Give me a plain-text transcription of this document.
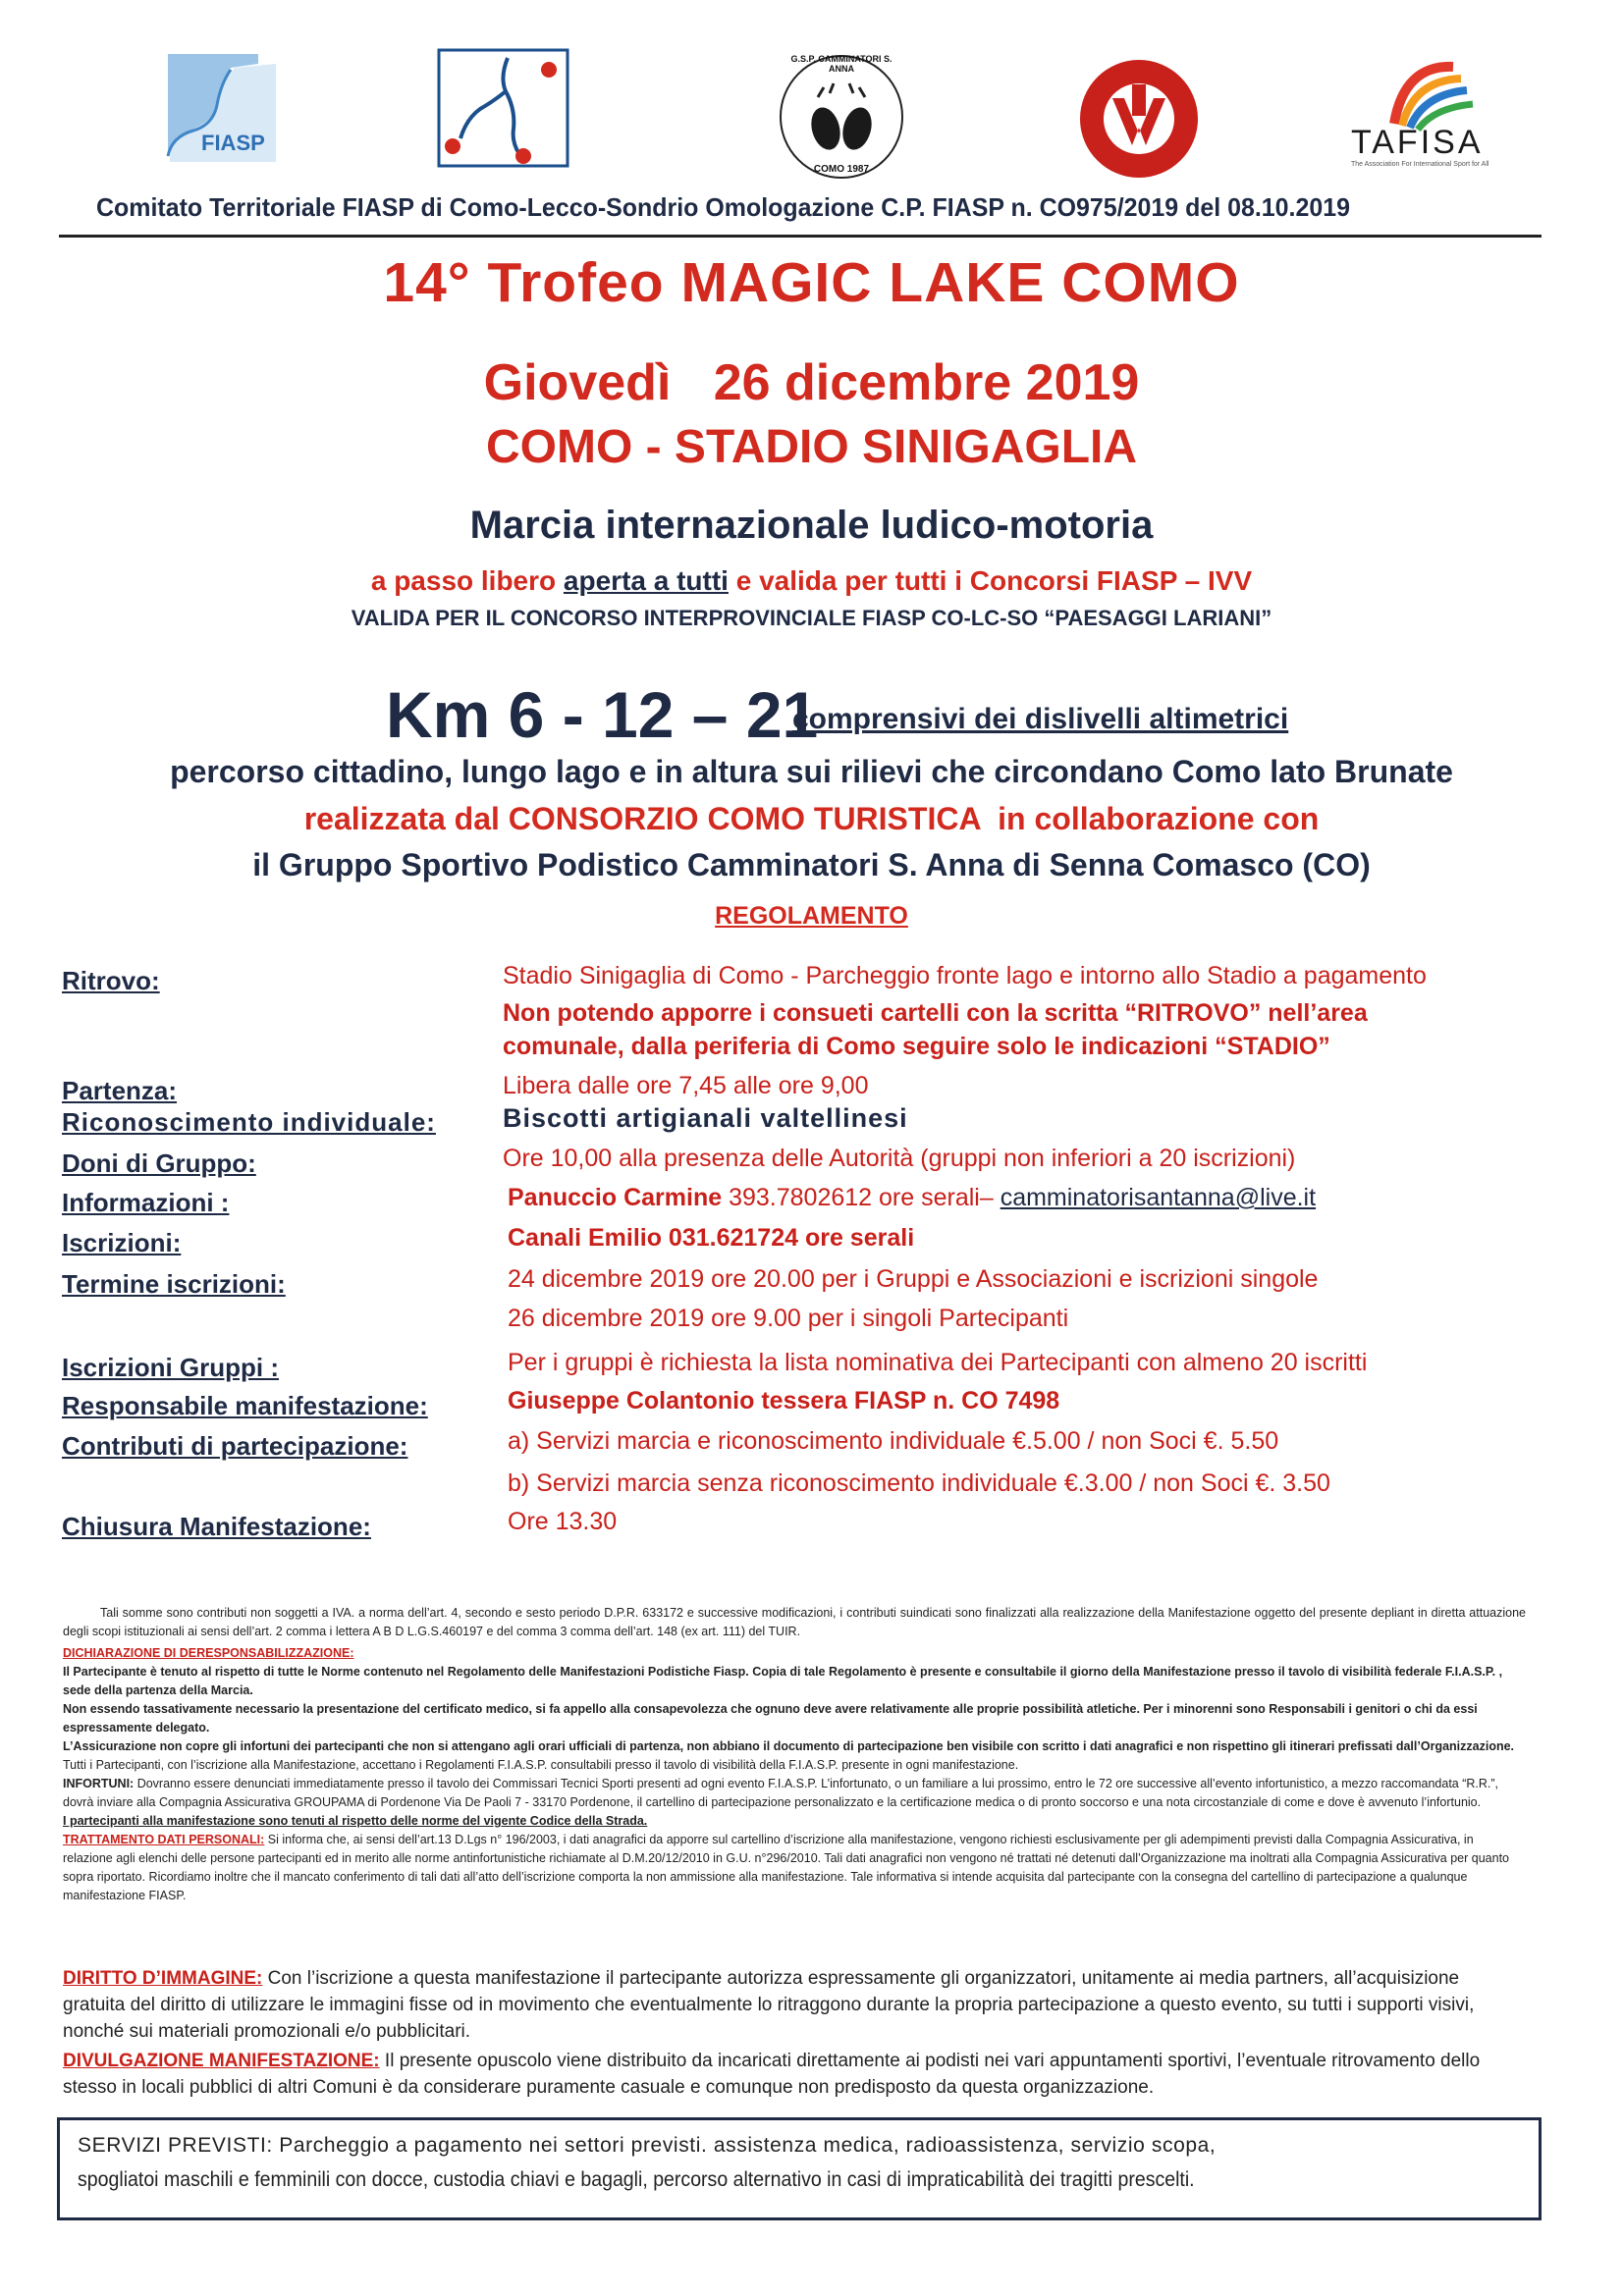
FIASP
G.S.P. CAMMINATORI S. ANNA
COMO 1987
TAFISA
The Association For International Sport for All
Comitato Territoriale FIASP di Como-Lecco-Sondrio Omologazione C.P. FIASP n. CO975/2019 del 08.10.2019
14° Trofeo MAGIC LAKE COMO
Giovedì   26 dicembre 2019
COMO - STADIO SINIGAGLIA
Marcia internazionale ludico-motoria
a passo libero aperta a tutti e valida per tutti i Concorsi FIASP – IVV
VALIDA PER IL CONCORSO INTERPROVINCIALE FIASP CO-LC-SO “PAESAGGI LARIANI”
Km 6 - 12 – 21
comprensivi dei dislivelli altimetrici
percorso cittadino, lungo lago e in altura sui rilievi che circondano Como lato Brunate
realizzata dal CONSORZIO COMO TURISTICA  in collaborazione con
il Gruppo Sportivo Podistico Camminatori S. Anna di Senna Comasco (CO)
REGOLAMENTO
Ritrovo:	Stadio Sinigaglia di Como - Parcheggio fronte lago e intorno allo Stadio a pagamento
Non potendo apporre i consueti cartelli con la scritta “RITROVO” nell’area
comunale, dalla periferia di Como seguire solo le indicazioni “STADIO”
Partenza:	Libera dalle ore 7,45 alle ore 9,00
Riconoscimento individuale:	Biscotti artigianali valtellinesi
Doni di Gruppo:	Ore 10,00 alla presenza delle Autorità (gruppi non inferiori a 20 iscrizioni)
Informazioni :	Panuccio Carmine 393.7802612 ore serali– camminatorisantanna@live.it
Iscrizioni:	Canali Emilio 031.621724 ore serali
Termine iscrizioni:	24 dicembre 2019 ore 20.00 per i Gruppi e Associazioni e iscrizioni singole
26 dicembre 2019 ore 9.00 per i singoli Partecipanti
Iscrizioni Gruppi :	Per i gruppi è richiesta la lista nominativa dei Partecipanti con almeno 20 iscritti
Responsabile manifestazione:	Giuseppe Colantonio tessera FIASP n. CO 7498
Contributi di partecipazione:	a) Servizi marcia e riconoscimento individuale €.5.00 / non Soci €. 5.50
b) Servizi marcia senza riconoscimento individuale €.3.00 / non Soci €. 3.50
Chiusura Manifestazione:	Ore 13.30
Tali somme sono contributi non soggetti a IVA. a norma dell’art. 4, secondo e sesto periodo D.P.R. 633172 e successive modificazioni, i contributi suindicati sono finalizzati alla realizzazione della Manifestazione oggetto del presente depliant in diretta attuazione degli scopi istituzionali ai sensi dell’art. 2 comma i lettera A B D L.G.S.460197 e del comma 3 comma dell’art. 148 (ex art. 111) del TUIR.
DICHIARAZIONE DI DERESPONSABILIZZAZIONE:
Il Partecipante è tenuto al rispetto di tutte le Norme contenuto nel Regolamento delle Manifestazioni Podistiche Fiasp. Copia di tale Regolamento è presente e consultabile il giorno della Manifestazione presso il tavolo di visibilità federale F.I.A.S.P. , sede della partenza della Marcia.
Non essendo tassativamente necessario la presentazione del certificato medico, si fa appello alla consapevolezza che ognuno deve avere relativamente alle proprie possibilità atletiche. Per i minorenni sono Responsabili i genitori o chi da essi espressamente delegato.
L’Assicurazione non copre gli infortuni dei partecipanti che non si attengano agli orari ufficiali di partenza, non abbiano il documento di partecipazione ben visibile con scritto i dati anagrafici e non rispettino gli itinerari prefissati dall’Organizzazione.
Tutti i Partecipanti, con l’iscrizione alla Manifestazione, accettano i Regolamenti F.I.A.S.P. consultabili presso il tavolo di visibilità della F.I.A.S.P. presente in ogni manifestazione.
INFORTUNI: Dovranno essere denunciati immediatamente presso il tavolo dei Commissari Tecnici Sporti presenti ad ogni evento F.I.A.S.P. L’infortunato, o un familiare a lui prossimo, entro le 72 ore successive all’evento infortunistico, a mezzo raccomandata “R.R.”, dovrà inviare alla Compagnia Assicurativa GROUPAMA di Pordenone Via De Paoli 7 - 33170 Pordenone, il cartellino di partecipazione personalizzato e la certificazione medica o di pronto soccorso e una nota circostanziale di come e dove è avvenuto l’infortunio.
I partecipanti alla manifestazione sono tenuti al rispetto delle norme del vigente Codice della Strada.
TRATTAMENTO DATI PERSONALI: Si informa che, ai sensi dell’art.13 D.Lgs n° 196/2003, i dati anagrafici da apporre sul cartellino d’iscrizione alla manifestazione, vengono richiesti esclusivamente per gli adempimenti previsti dalla Compagnia Assicurativa, in relazione agli elenchi delle persone partecipanti ed in merito alle norme antinfortunistiche richiamate al D.M.20/12/2010 in G.U. n°296/2010. Tali dati anagrafici non vengono né trattati né detenuti dall’Organizzazione ma inoltrati alla Compagnia Assicurativa per quanto sopra riportato. Ricordiamo inoltre che il mancato conferimento di tali dati all’atto dell’iscrizione comporta la non ammissione alla manifestazione. Tale informativa si intende acquisita dal partecipante con la consegna del cartellino di partecipazione a qualunque manifestazione FIASP.
DIRITTO D’IMMAGINE: Con l’iscrizione a questa manifestazione il partecipante autorizza espressamente gli organizzatori, unitamente ai media partners, all’acquisizione gratuita del diritto di utilizzare le immagini fisse od in movimento che eventualmente lo ritraggono durante la propria partecipazione a questo evento, su tutti i supporti visivi, nonché sui materiali promozionali e/o pubblicitari.
DIVULGAZIONE MANIFESTAZIONE: Il presente opuscolo viene distribuito da incaricati direttamente ai podisti nei vari appuntamenti sportivi, l’eventuale ritrovamento dello stesso in locali pubblici di altri Comuni è da considerare puramente casuale e comunque non predisposto da questa organizzazione.
SERVIZI PREVISTI: Parcheggio a pagamento nei settori previsti. assistenza medica, radioassistenza, servizio scopa,
spogliatoi maschili e femminili con docce, custodia chiavi e bagagli, percorso alternativo in casi di impraticabilità dei tragitti prescelti.
